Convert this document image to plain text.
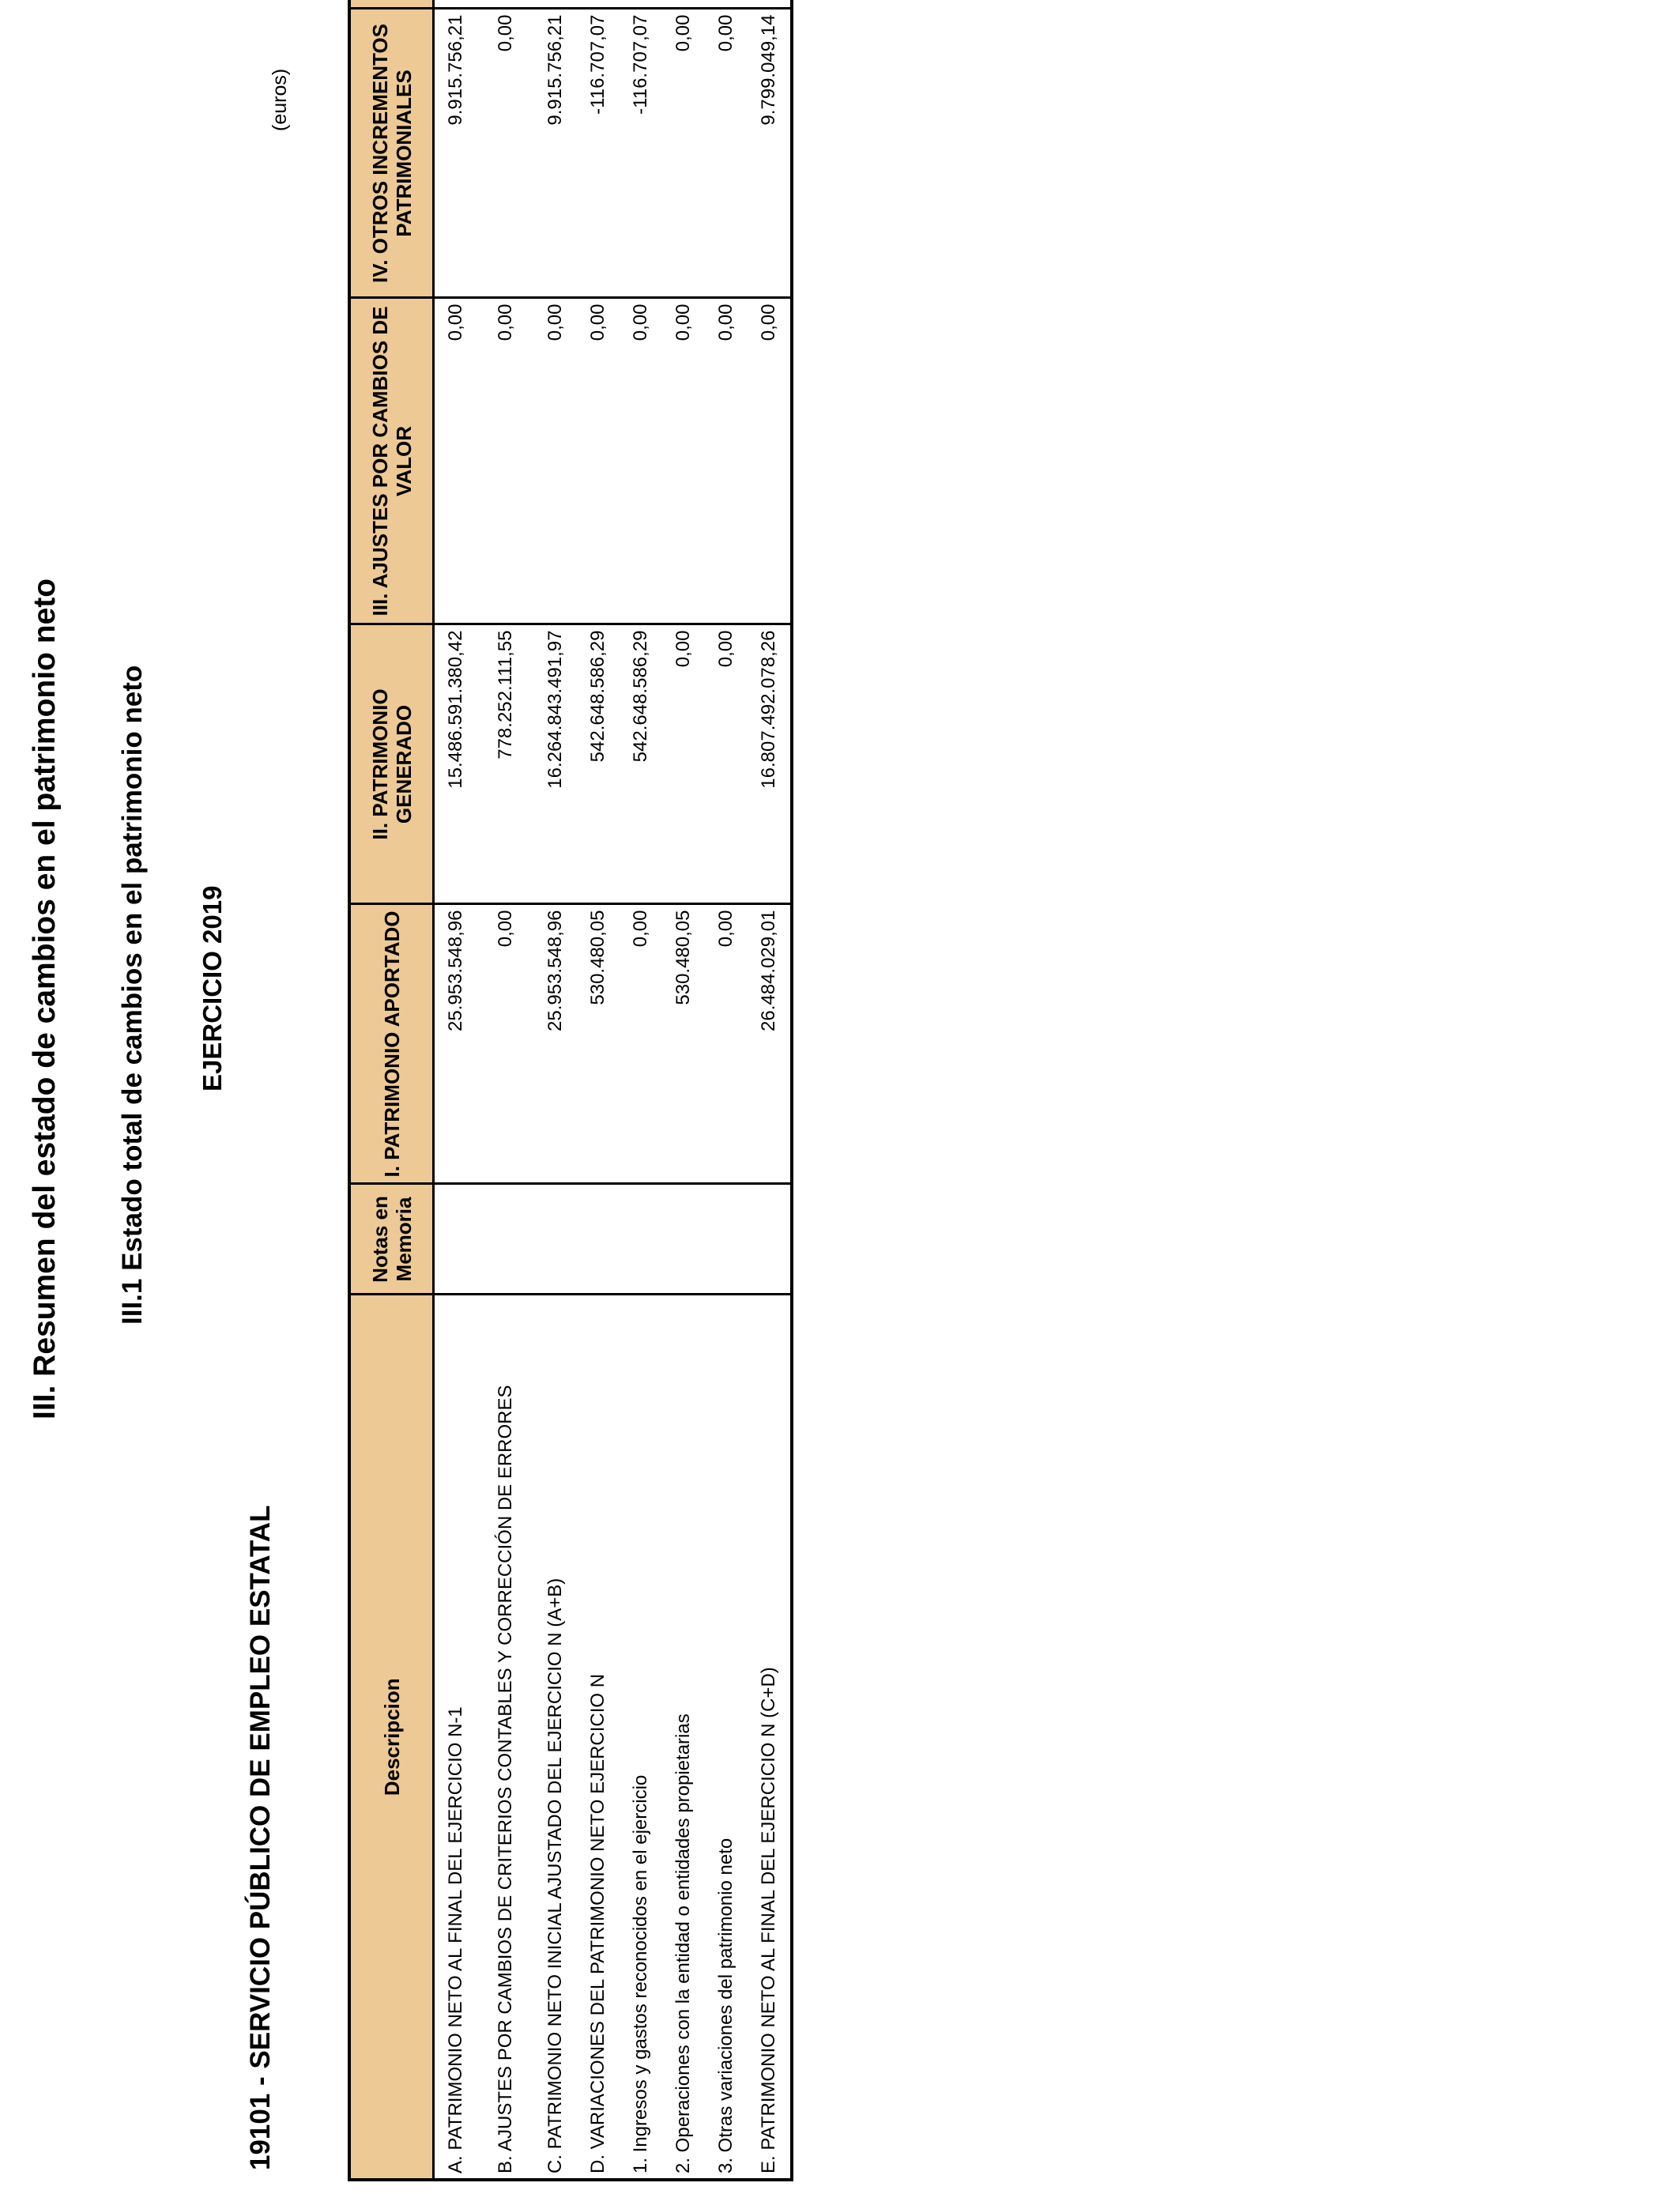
III. Resumen del estado de cambios en el patrimonio neto III.1 Estado total de cambios en el patrimonio neto EJERCICIO 2019
19101 - SERVICIO PÚBLICO DE EMPLEO ESTATAL
(euros)
Descripcion	Notas en Memoria	I. PATRIMONIO APORTADO	II. PATRIMONIO GENERADO	III. AJUSTES POR CAMBIOS DE VALOR	IV. OTROS INCREMENTOS PATRIMONIALES	
A. PATRIMONIO NETO AL FINAL DEL EJERCICIO N-1		25.953.548,96	15.486.591.380,42	0,00	9.915.756,21	
B. AJUSTES POR CAMBIOS DE CRITERIOS CONTABLES Y CORRECCIÓN DE ERRORES		0,00	778.252.111,55	0,00	0,00	
C. PATRIMONIO NETO INICIAL AJUSTADO DEL EJERCICIO N (A+B)		25.953.548,96	16.264.843.491,97	0,00	9.915.756,21	
D. VARIACIONES DEL PATRIMONIO NETO EJERCICIO N		530.480,05	542.648.586,29	0,00	-116.707,07	
1. Ingresos y gastos reconocidos en el ejercicio		0,00	542.648.586,29	0,00	-116.707,07	
2. Operaciones con la entidad o entidades propietarias		530.480,05	0,00	0,00	0,00	
3. Otras variaciones del patrimonio neto		0,00	0,00	0,00	0,00	
E. PATRIMONIO NETO AL FINAL DEL EJERCICIO N (C+D)		26.484.029,01	16.807.492.078,26	0,00	9.799.049,14	
